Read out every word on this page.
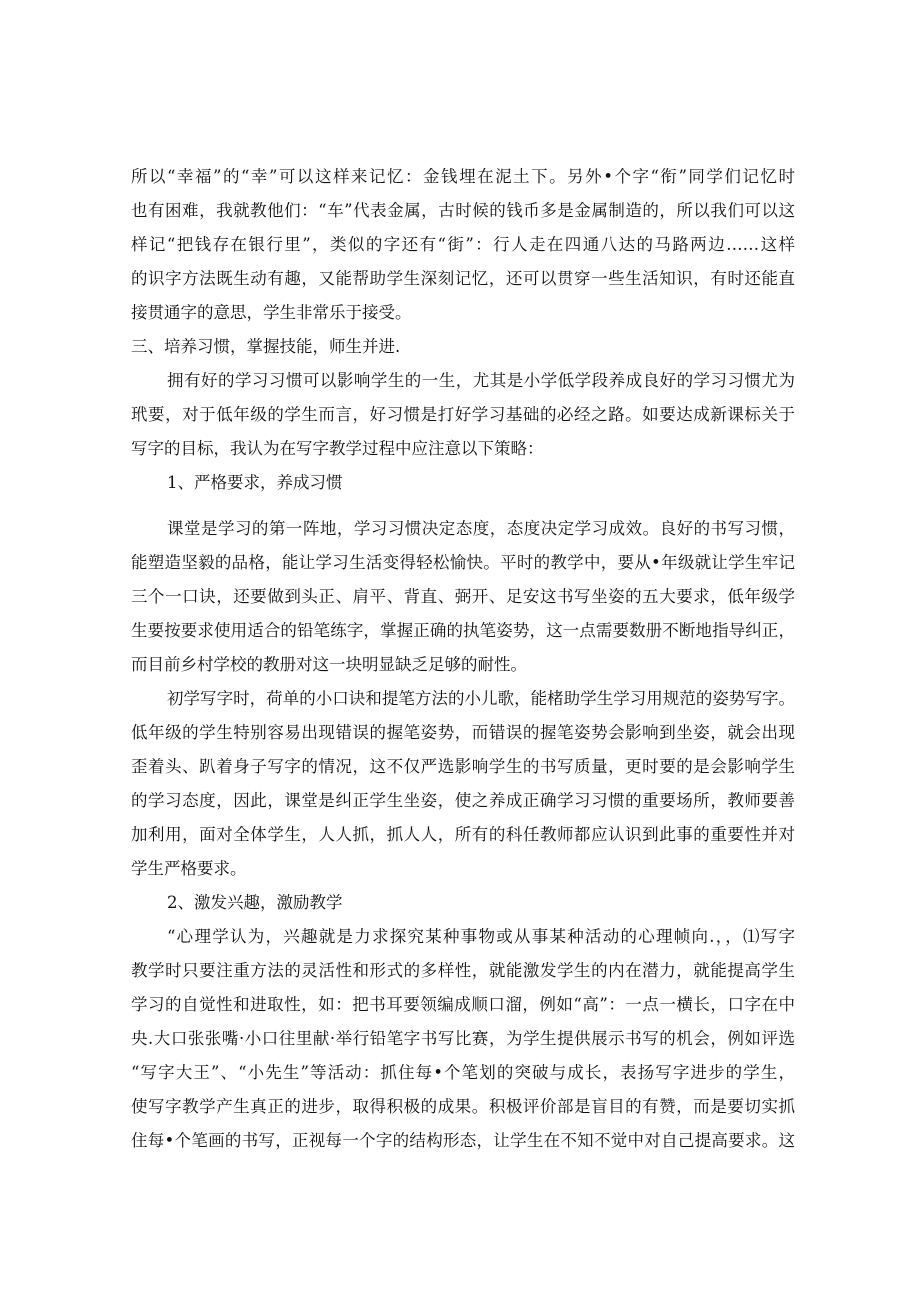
所以“幸福”的“幸”可以这样来记忆：金钱埋在泥土下。另外•个字“衔”同学们记忆时
也有困难，我就教他们：“车”代表金属，古时候的钱币多是金属制造的，所以我们可以这
样记“把钱存在银行里”，类似的字还有“街”：行人走在四通八达的马路两边……这样
的识字方法既生动有趣，又能帮助学生深刻记忆，还可以贯穿一些生活知识，有时还能直
接贯通字的意思，学生非常乐于接受。
三、培养习惯，掌握技能，师生并进.
拥有好的学习习惯可以影响学生的一生，尤其是小学低学段养成良好的学习习惯尤为
玳要，对于低年级的学生而言，好习惯是打好学习基础的必经之路。如要达成新课标关于
写字的目标，我认为在写字教学过程中应注意以下策略：
1、严格要求，养成习惯
课堂是学习的第一阵地，学习习惯决定态度，态度决定学习成效。良好的书写习惯，
能塑造坚毅的品格，能让学习生活变得轻松愉快。平时的教学中，要从•年级就让学生牢记
三个一口诀，还要做到头正、肩平、背直、弼开、足安这书写坐姿的五大要求，低年级学
生要按要求使用适合的铅笔练字，掌握正确的执笔姿势，这一点需要数册不断地指导纠正，
而目前乡村学校的教册对这一块明显缺乏足够的耐性。
初学写字时，荷单的小口诀和提笔方法的小儿歌，能楮助学生学习用规范的姿势写字。
低年级的学生特别容易出现错误的握笔姿势，而错误的握笔姿势会影响到坐姿，就会出现
歪着头、趴着身子写字的情况，这不仅严选影响学生的书写质量，更时要的是会影响学生
的学习态度，因此，课堂是纠正学生坐姿，使之养成正确学习习惯的重要场所，教师要善
加利用，面对全体学生，人人抓，抓人人，所有的科任教师都应认识到此事的重要性并对
学生严格要求。
2、激发兴趣，激励教学
“心理学认为，兴趣就是力求探究某种事物或从事某种活动的心理帧向.，，⑴写字
教学时只要注重方法的灵活性和形式的多样性，就能激发学生的内在潜力，就能提高学生
学习的自觉性和进取性，如：把书耳要领编成顺口溜，例如“高”：一点一横长，口字在中
央.大口张张嘴·小口往里献·举行铅笔字书写比赛，为学生提供展示书写的机会，例如评选
“写字大王”、“小先生”等活动：抓住每•个笔划的突破与成长，表扬写字进步的学生，
使写字教学产生真正的进步，取得积极的成果。积极评价部是盲目的有赞，而是要切实抓
住每•个笔画的书写，正视每一个字的结构形态，让学生在不知不觉中对自己提高要求。这
